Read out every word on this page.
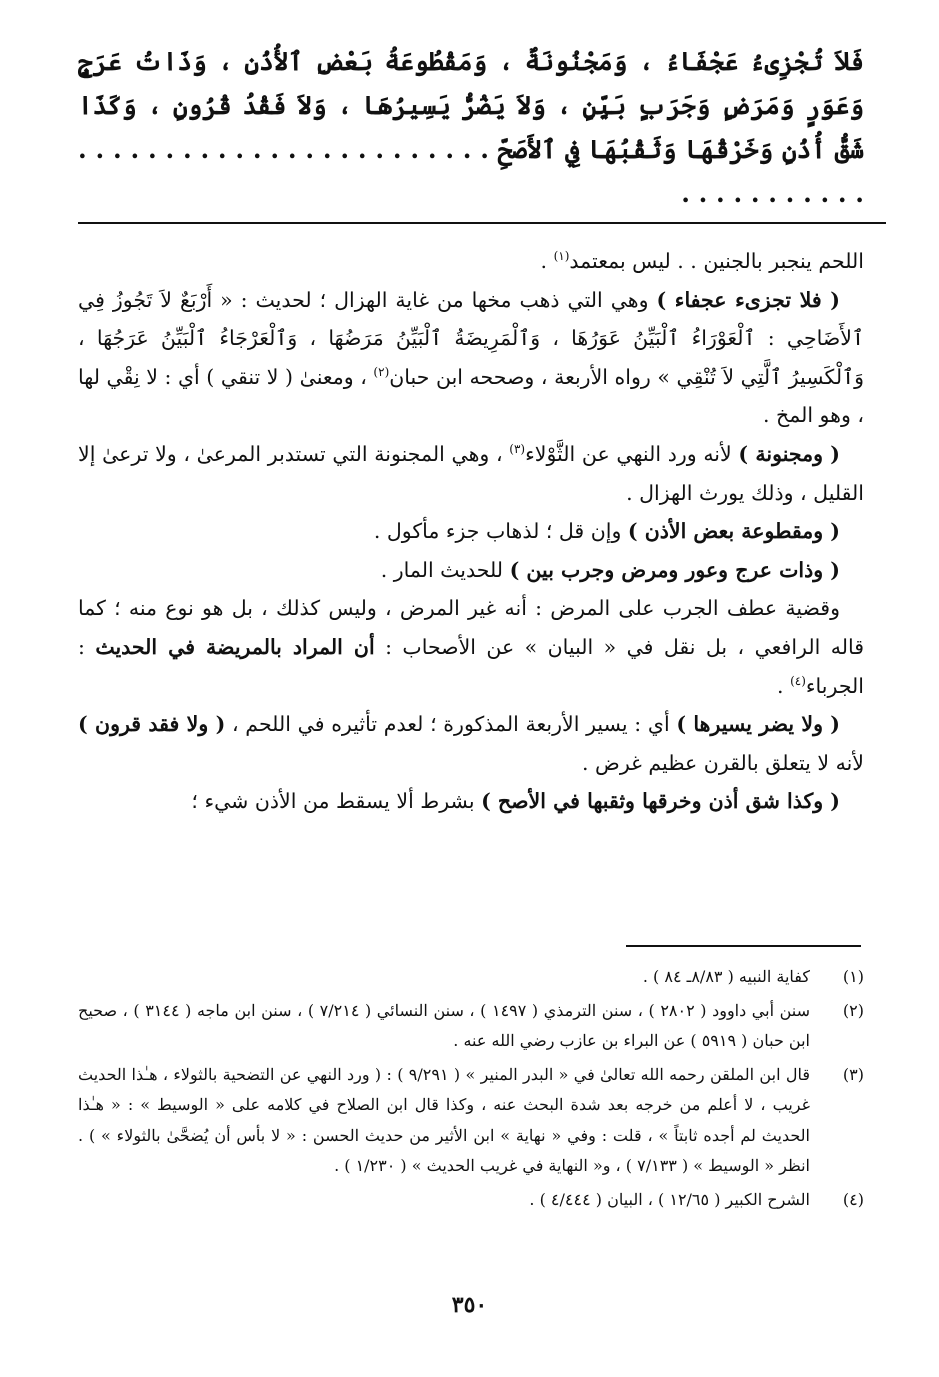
فَلاَ تُجْزِىءُ عَجْفَاءُ ، وَمَجْنُونَةٌ ، وَمَقْطُوعَةُ بَعْضِ ٱلأُذُنِ ، وَذَاتُ عَرَجٍ وَعَوَرٍ وَمَرَضٍ وَجَرَبٍ بَيِّنٍ ، وَلاَ يَضُرُّ يَسِيرُهَا ، وَلاَ فَقْدُ قُرُونٍ ، وَكَذَا شَقُّ أُذُنٍ وَخَرْقُهَا وَثَقْبُهَا فِي ٱلأَصَحِّ . . . . . . . . . . . . . . . . . . . . . . . . . . . . . . . . . . .

اللحم ينجبر بالجنين . . ليس بمعتمد$^{(١)}$ .

( فلا تجزىء عجفاء ) وهي التي ذهب مخها من غاية الهزال ؛ لحديث : « أَرْبَعٌ لاَ تَجُوزُ فِي ٱلأَضَاحِي : ٱلْعَوْرَاءُ ٱلْبَيِّنُ عَوَرُهَا ، وَٱلْمَرِيضَةُ ٱلْبَيِّنُ مَرَضُهَا ، وَٱلْعَرْجَاءُ ٱلْبَيِّنُ عَرَجُهَا ، وَٱلْكَسِيرُ ٱلَّتِي لاَ تُنْقِي » رواه الأربعة ، وصححه ابن حبان$^{(٢)}$ ، ومعنىٰ ( لا تنقي ) أي : لا نِقْي لها ، وهو المخ .

( ومجنونة ) لأنه ورد النهي عن الثَّوْلاء$^{(٣)}$ ، وهي المجنونة التي تستدبر المرعىٰ ، ولا ترعىٰ إلا القليل ، وذلك يورث الهزال .

( ومقطوعة بعض الأذن ) وإن قل ؛ لذهاب جزء مأكول .

( وذات عرج وعور ومرض وجرب بين ) للحديث المار .

وقضية عطف الجرب على المرض : أنه غير المرض ، وليس كذلك ، بل هو نوع منه ؛ كما قاله الرافعي ، بل نقل في « البيان » عن الأصحاب : أن المراد بالمريضة في الحديث : الجرباء$^{(٤)}$ .

( ولا يضر يسيرها ) أي : يسير الأربعة المذكورة ؛ لعدم تأثيره في اللحم ، ( ولا فقد قرون ) لأنه لا يتعلق بالقرن عظيم غرض .

( وكذا شق أذن وخرقها وثقبها في الأصح ) بشرط ألا يسقط من الأذن شيء ؛

(١)
كفاية النبيه ( ٨/٨٣ـ ٨٤ ) .
(٢)
سنن أبي داوود ( ٢٨٠٢ ) ، سنن الترمذي ( ١٤٩٧ ) ، سنن النسائي ( ٧/٢١٤ ) ، سنن ابن ماجه ( ٣١٤٤ ) ، صحيح ابن حبان ( ٥٩١٩ ) عن البراء بن عازب رضي الله عنه .
(٣)
قال ابن الملقن رحمه الله تعالىٰ في « البدر المنير » ( ٩/٢٩١ ) : ( ورد النهي عن التضحية بالثولاء ، هـٰذا الحديث غريب ، لا أعلم من خرجه بعد شدة البحث عنه ، وكذا قال ابن الصلاح في كلامه على « الوسيط » : « هـٰذا الحديث لم أجده ثابتاً » ، قلت : وفي « نهاية » ابن الأثير من حديث الحسن : « لا بأس أن يُضحَّىٰ بالثولاء » ) . انظر « الوسيط » ( ٧/١٣٣ ) ، و« النهاية في غريب الحديث » ( ١/٢٣٠ ) .
(٤)
الشرح الكبير ( ١٢/٦٥ ) ، البيان ( ٤/٤٤٤ ) .
٣٥٠
